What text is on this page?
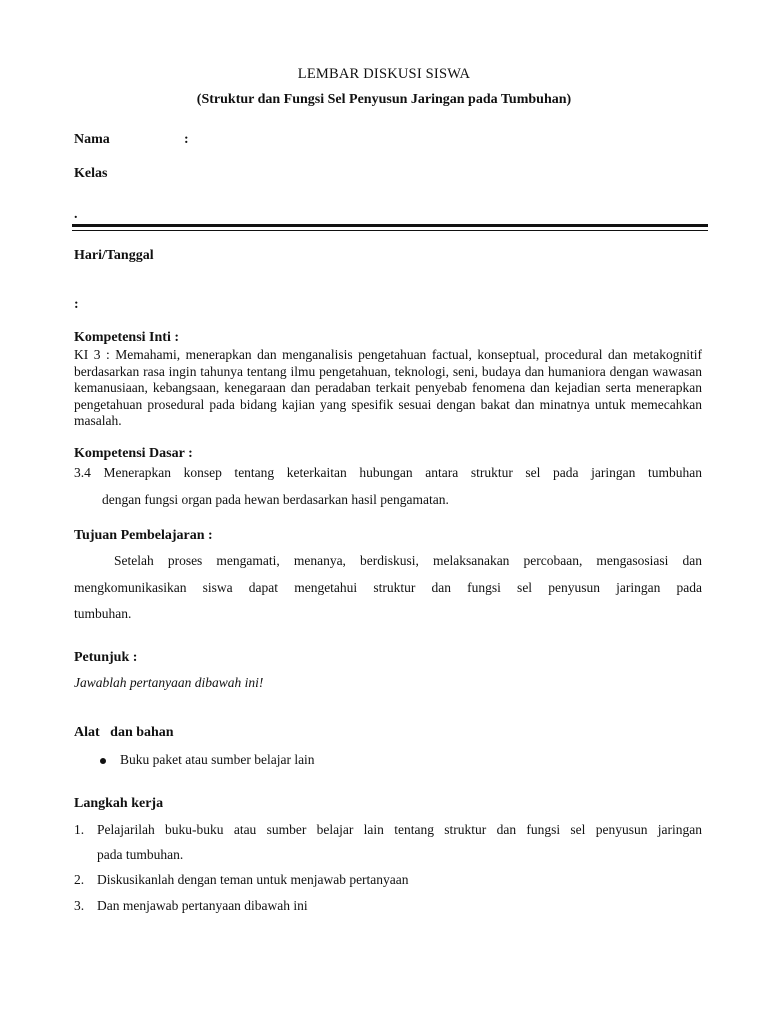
LEMBAR DISKUSI SISWA
(Struktur dan Fungsi Sel Penyusun Jaringan pada Tumbuhan)
Nama	:
Kelas
.
Hari/Tanggal
:
Kompetensi Inti :
KI 3 : Memahami, menerapkan dan menganalisis pengetahuan factual, konseptual, procedural dan metakognitif berdasarkan rasa ingin tahunya tentang ilmu pengetahuan, teknologi, seni, budaya dan humaniora dengan wawasan kemanusiaan, kebangsaan, kenegaraan dan peradaban terkait penyebab fenomena dan kejadian serta menerapkan pengetahuan prosedural pada bidang kajian yang spesifik sesuai dengan bakat dan minatnya untuk memecahkan masalah.
Kompetensi Dasar :
3.4 Menerapkan konsep tentang keterkaitan hubungan antara struktur sel pada jaringan tumbuhan
dengan fungsi organ pada hewan berdasarkan hasil pengamatan.
Tujuan Pembelajaran :
Setelah proses mengamati, menanya, berdiskusi, melaksanakan percobaan, mengasosiasi dan
mengkomunikasikan siswa dapat mengetahui struktur dan fungsi sel penyusun jaringan pada
tumbuhan.
Petunjuk :
Jawablah pertanyaan dibawah ini!
Alat   dan bahan
Buku paket atau sumber belajar lain
Langkah kerja
1. Pelajarilah buku-buku atau sumber belajar lain tentang struktur dan fungsi sel penyusun jaringan
pada tumbuhan.
2. Diskusikanlah dengan teman untuk menjawab pertanyaan
3. Dan menjawab pertanyaan dibawah ini
